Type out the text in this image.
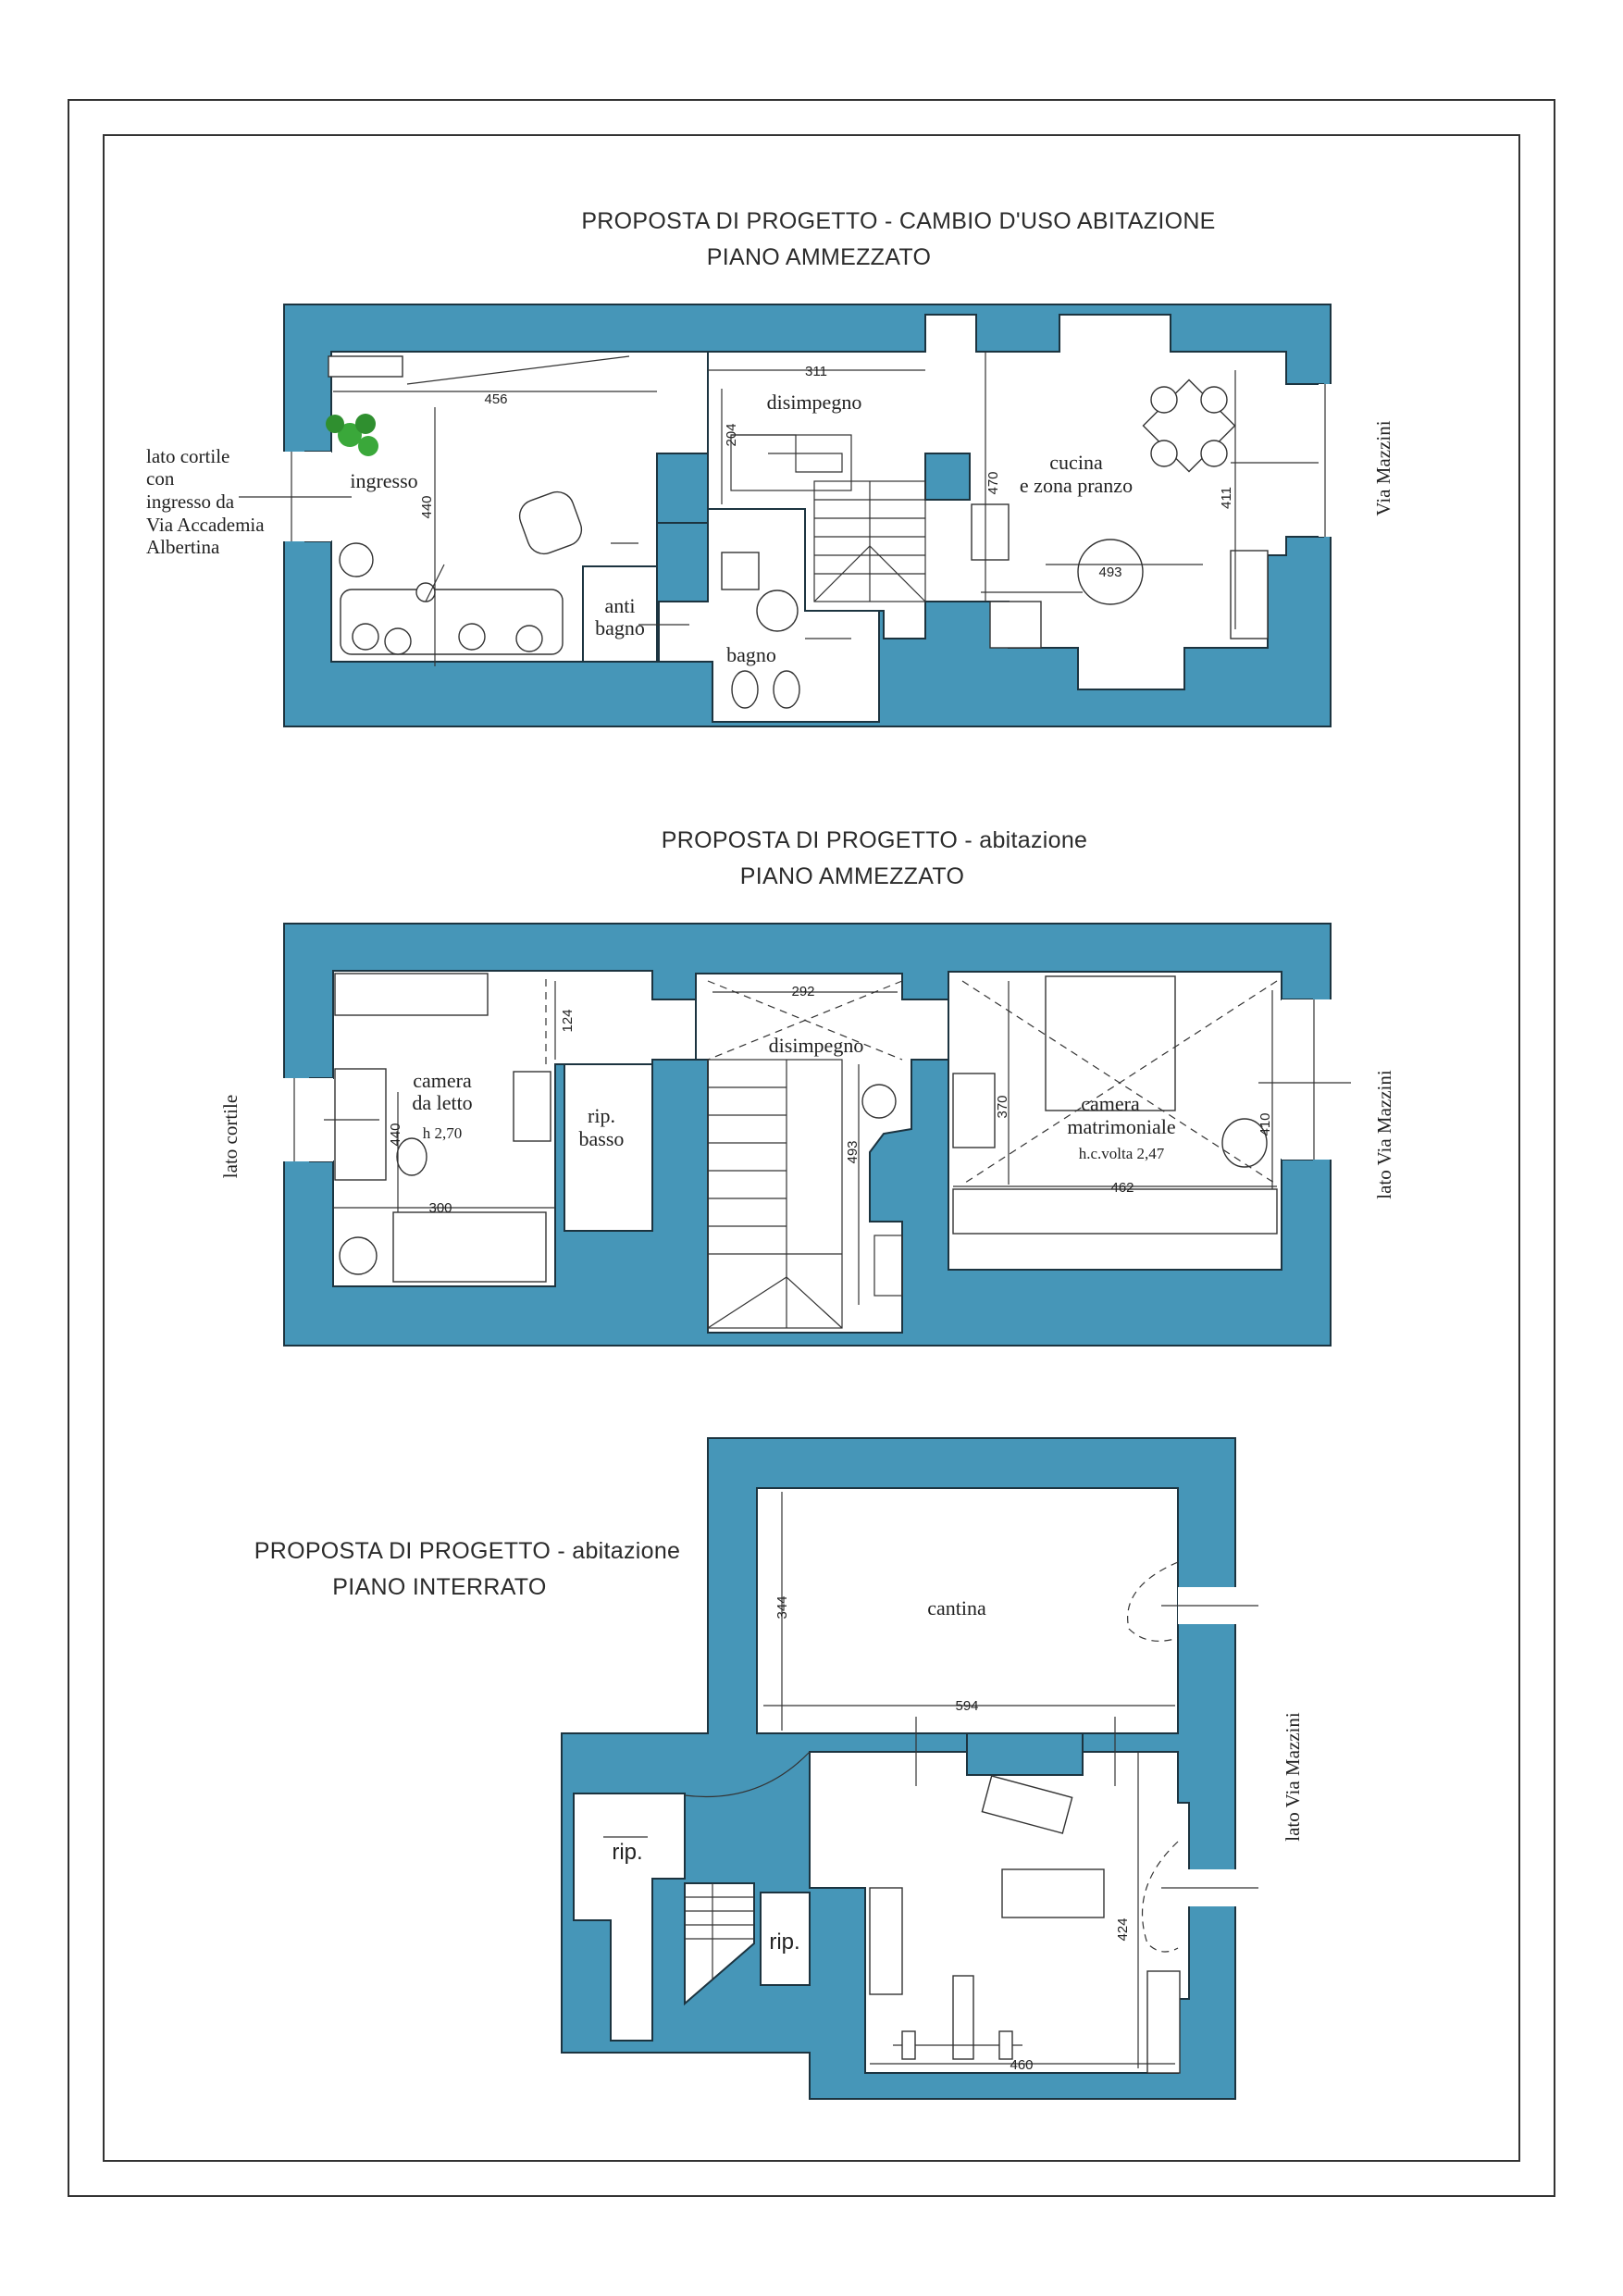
PROPOSTA DI PROGETTO - CAMBIO D'USO ABITAZIONE
PIANO AMMEZZATO
ingresso
disimpegno
cucina
e zona pranzo
anti
bagno
bagno
456
311
204
440
470
411
493
lato cortile
con
ingresso da
Via Accademia
Albertina
Via Mazzini
PROPOSTA DI PROGETTO - abitazione
PIANO AMMEZZATO
camera
da letto
h 2,70
rip.
basso
disimpegno
camera
matrimoniale
h.c.volta 2,47
124
292
440
300
493
370
410
462
lato cortile	lato Via Mazzini
PROPOSTA DI PROGETTO - abitazione
PIANO INTERRATO
cantina
rip.
rip.
344
594
424
460
lato Via Mazzini
